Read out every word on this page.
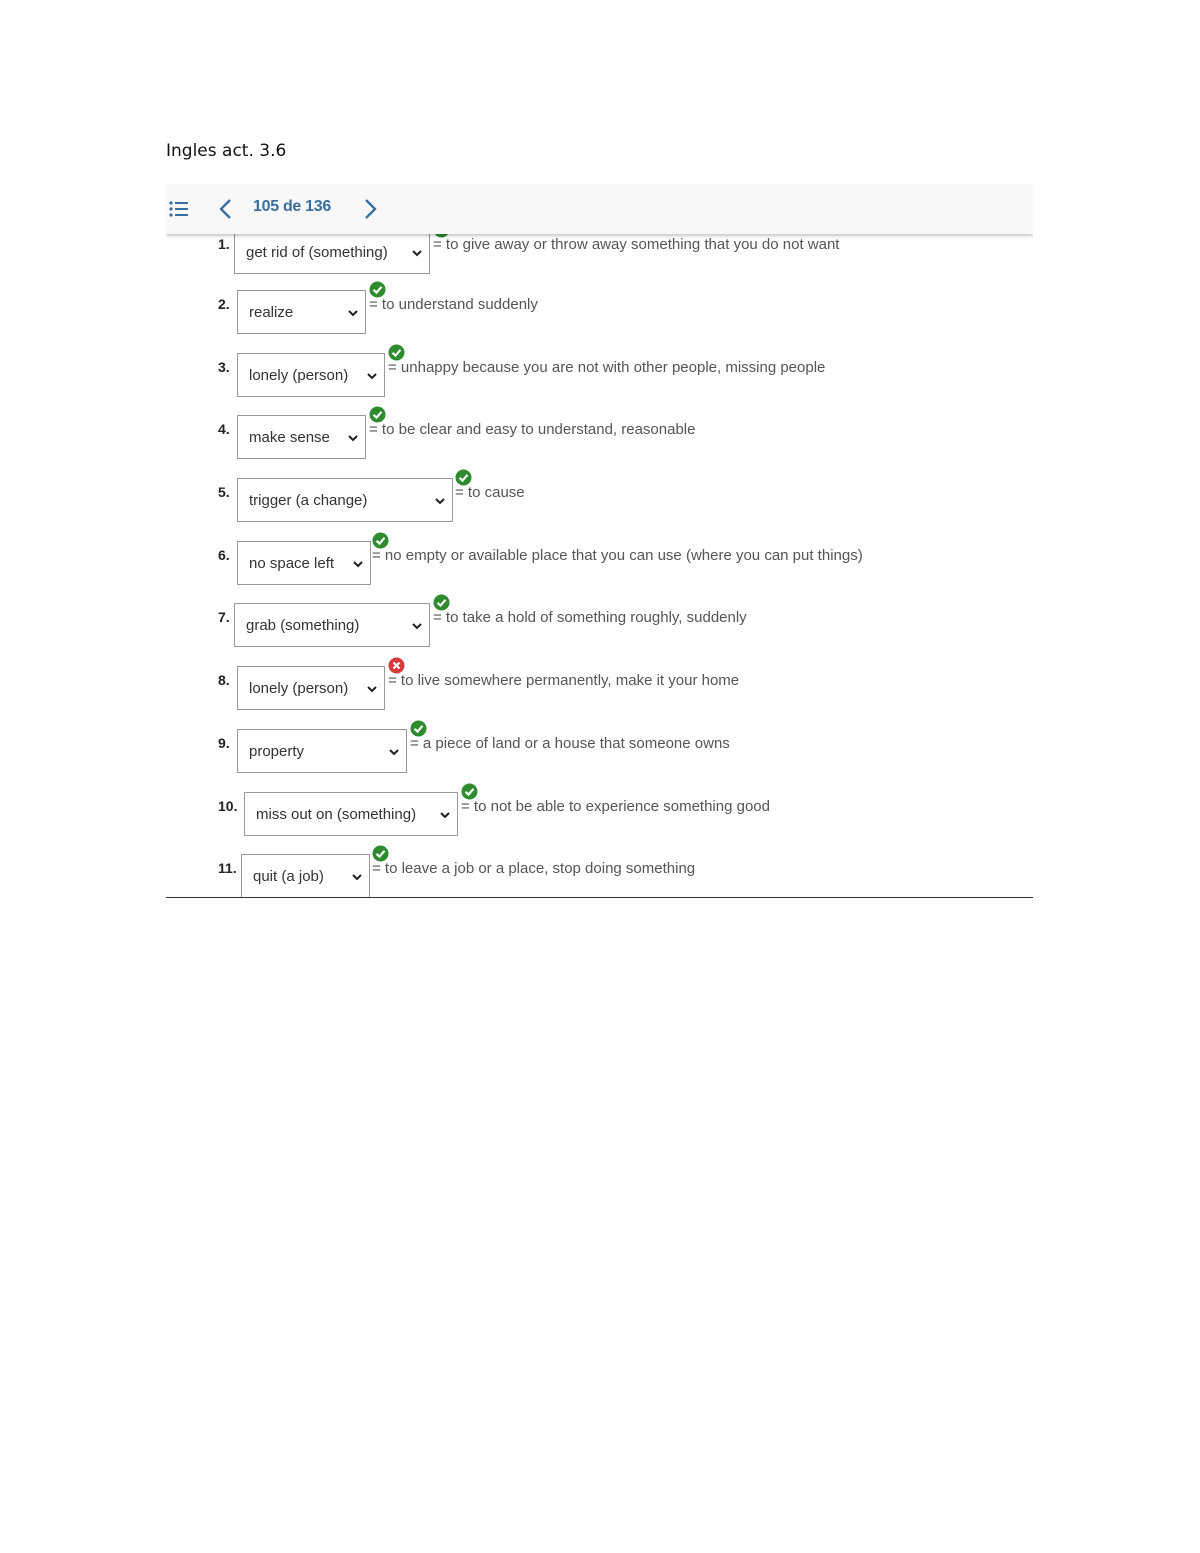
Ingles act. 3.6
105 de 136
1. get rid of (something)	= to give away or throw away something that you do not want
2. realize	= to understand suddenly
3. lonely (person)	= unhappy because you are not with other people, missing people
4. make sense	= to be clear and easy to understand, reasonable
5. trigger (a change)	= to cause
6. no space left	= no empty or available place that you can use (where you can put things)
7. grab (something)	= to take a hold of something roughly, suddenly
8. lonely (person)	= to live somewhere permanently, make it your home
9. property	= a piece of land or a house that someone owns
10. miss out on (something)	= to not be able to experience something good
11. quit (a job)	= to leave a job or a place, stop doing something
